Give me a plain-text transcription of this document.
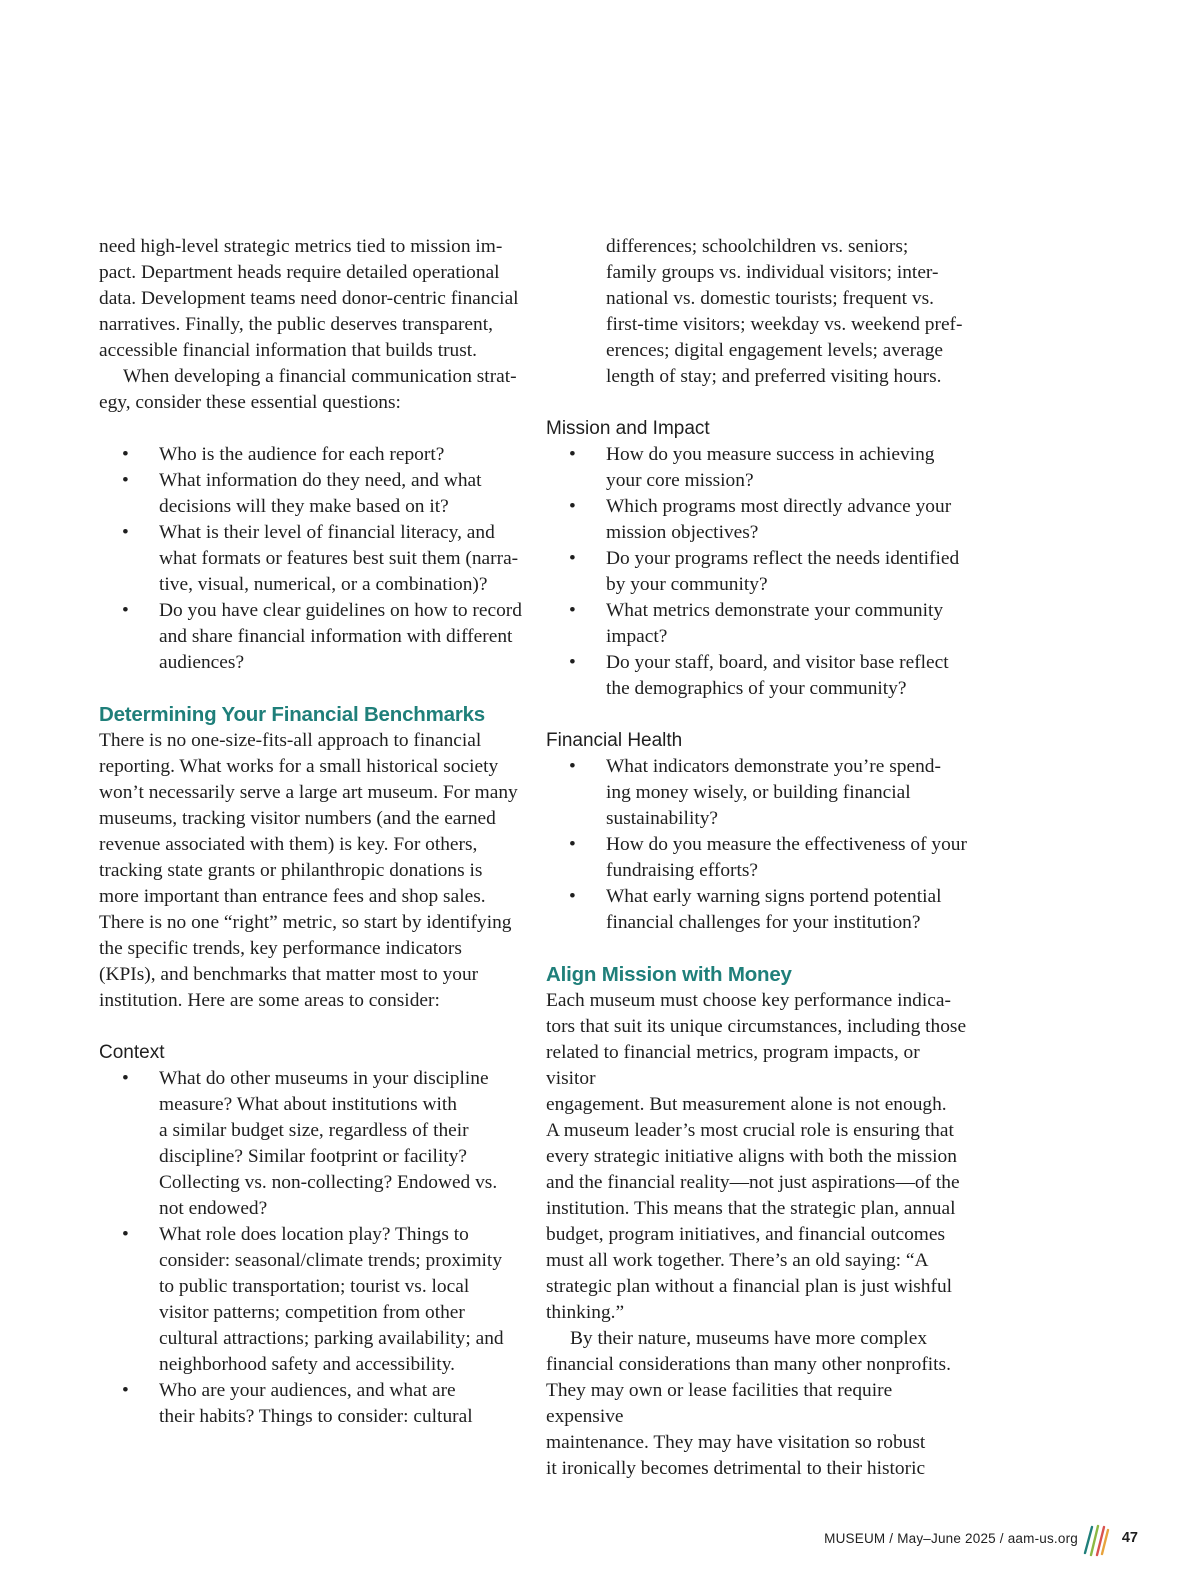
need high-level strategic metrics tied to mission im-
pact. Department heads require detailed operational
data. Development teams need donor-centric financial
narratives. Finally, the public deserves transparent,
accessible financial information that builds trust.

When developing a financial communication strat-
egy, consider these essential questions:

• Who is the audience for each report?
• What information do they need, and what
decisions will they make based on it?
• What is their level of financial literacy, and
what formats or features best suit them (narra-
tive, visual, numerical, or a combination)?
• Do you have clear guidelines on how to record
and share financial information with different
audiences?
Determining Your Financial Benchmarks

There is no one-size-fits-all approach to financial
reporting. What works for a small historical society
won’t necessarily serve a large art museum. For many
museums, tracking visitor numbers (and the earned
revenue associated with them) is key. For others,
tracking state grants or philanthropic donations is
more important than entrance fees and shop sales.
There is no one “right” metric, so start by identifying
the specific trends, key performance indicators
(KPIs), and benchmarks that matter most to your
institution. Here are some areas to consider:

Context
• What do other museums in your discipline
measure? What about institutions with
a similar budget size, regardless of their
discipline? Similar footprint or facility?
Collecting vs. non-collecting? Endowed vs.
not endowed?
• What role does location play? Things to
consider: seasonal/climate trends; proximity
to public transportation; tourist vs. local
visitor patterns; competition from other
cultural attractions; parking availability; and
neighborhood safety and accessibility.
• Who are your audiences, and what are
their habits? Things to consider: cultural

differences; schoolchildren vs. seniors;
family groups vs. individual visitors; inter-
national vs. domestic tourists; frequent vs.
first-time visitors; weekday vs. weekend pref-
erences; digital engagement levels; average
length of stay; and preferred visiting hours.

Mission and Impact
• How do you measure success in achieving
your core mission?
• Which programs most directly advance your
mission objectives?
• Do your programs reflect the needs identified
by your community?
• What metrics demonstrate your community
impact?
• Do your staff, board, and visitor base reflect
the demographics of your community?
Financial Health
• What indicators demonstrate you’re spend-
ing money wisely, or building financial
sustainability?
• How do you measure the effectiveness of your
fundraising efforts?
• What early warning signs portend potential
financial challenges for your institution?
Align Mission with Money

Each museum must choose key performance indica-
tors that suit its unique circumstances, including those
related to financial metrics, program impacts, or visitor
engagement. But measurement alone is not enough.
A museum leader’s most crucial role is ensuring that
every strategic initiative aligns with both the mission
and the financial reality—not just aspirations—of the
institution. This means that the strategic plan, annual
budget, program initiatives, and financial outcomes
must all work together. There’s an old saying: “A
strategic plan without a financial plan is just wishful
thinking.”

By their nature, museums have more complex
financial considerations than many other nonprofits.
They may own or lease facilities that require expensive
maintenance. They may have visitation so robust
it ironically becomes detrimental to their historic

MUSEUM / May–June 2025 / aam-us.org	47
